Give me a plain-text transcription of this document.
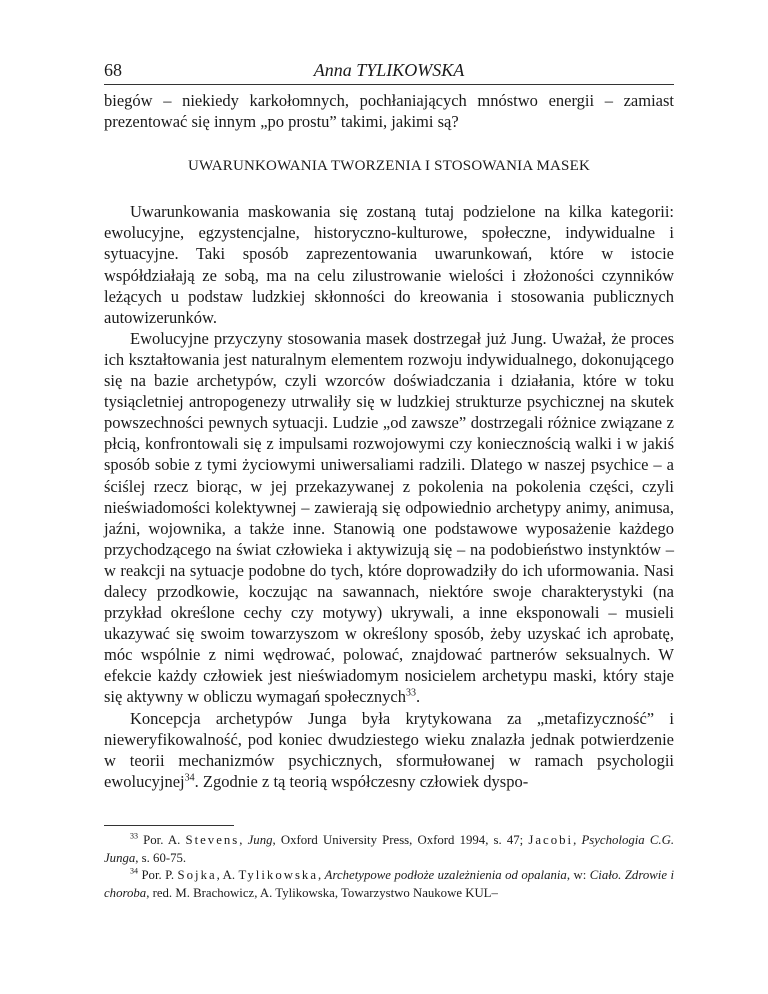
68	Anna TYLIKOWSKA

biegów – niekiedy karkołomnych, pochłaniających mnóstwo energii – zamiast prezentować się innym „po prostu” takimi, jakimi są?

UWARUNKOWANIA TWORZENIA I STOSOWANIA MASEK

Uwarunkowania maskowania się zostaną tutaj podzielone na kilka kategorii: ewolucyjne, egzystencjalne, historyczno-kulturowe, społeczne, indywidualne i sytuacyjne. Taki sposób zaprezentowania uwarunkowań, które w istocie współdziałają ze sobą, ma na celu zilustrowanie wielości i złożoności czynników leżących u podstaw ludzkiej skłonności do kreowania i stosowania publicznych autowizerunków.

Ewolucyjne przyczyny stosowania masek dostrzegał już Jung. Uważał, że proces ich kształtowania jest naturalnym elementem rozwoju indywidualnego, dokonującego się na bazie archetypów, czyli wzorców doświadczania i działania, które w toku tysiącletniej antropogenezy utrwaliły się w ludzkiej strukturze psychicznej na skutek powszechności pewnych sytuacji. Ludzie „od zawsze” dostrzegali różnice związane z płcią, konfrontowali się z impulsami rozwojowymi czy koniecznością walki i w jakiś sposób sobie z tymi życiowymi uniwersaliami radzili. Dlatego w naszej psychice – a ściślej rzecz biorąc, w jej przekazywanej z pokolenia na pokolenia części, czyli nieświadomości kolektywnej – zawierają się odpowiednio archetypy animy, animusa, jaźni, wojownika, a także inne. Stanowią one podstawowe wyposażenie każdego przychodzącego na świat człowieka i aktywizują się – na podobieństwo instynktów – w reakcji na sytuacje podobne do tych, które doprowadziły do ich uformowania. Nasi dalecy przodkowie, koczując na sawannach, niektóre swoje charakterystyki (na przykład określone cechy czy motywy) ukrywali, a inne eksponowali – musieli ukazywać się swoim towarzyszom w określony sposób, żeby uzyskać ich aprobatę, móc wspólnie z nimi wędrować, polować, znajdować partnerów seksualnych. W efekcie każdy człowiek jest nieświadomym nosicielem archetypu maski, który staje się aktywny w obliczu wymagań społecznych$^{33}$.

Koncepcja archetypów Junga była krytykowana za „metafizyczność” i nieweryfikowalność, pod koniec dwudziestego wieku znalazła jednak potwierdzenie w teorii mechanizmów psychicznych, sformułowanej w ramach psychologii ewolucyjnej$^{34}$. Zgodnie z tą teorią współczesny człowiek dyspo-

$^{33}$ Por. A. Stevens, Jung, Oxford University Press, Oxford 1994, s. 47; Jacobi, Psychologia C.G. Junga, s. 60-75.

$^{34}$ Por. P. Sojka, A. Tylikowska, Archetypowe podłoże uzależnienia od opalania, w: Ciało. Zdrowie i choroba, red. M. Brachowicz, A. Tylikowska, Towarzystwo Naukowe KUL–
